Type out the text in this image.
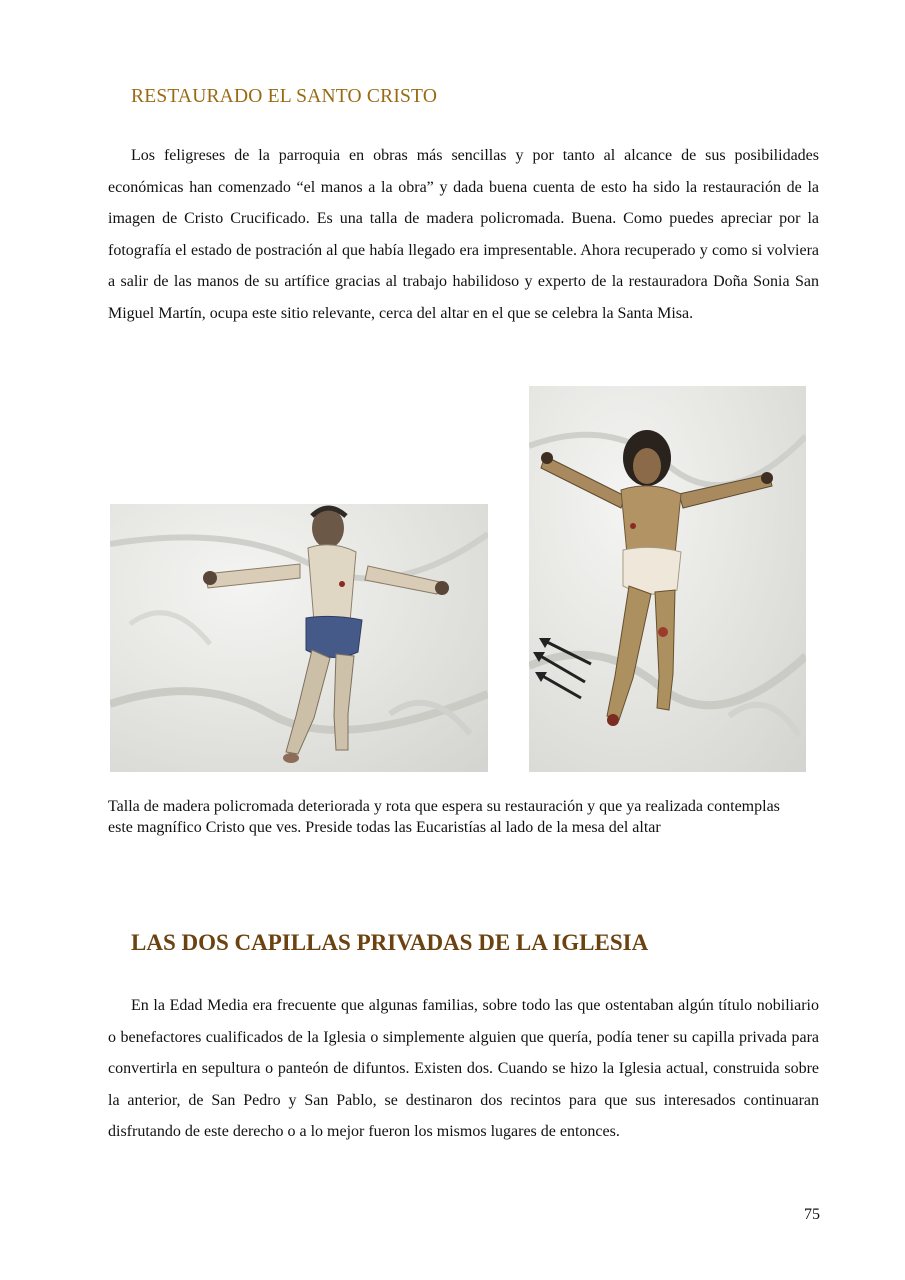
RESTAURADO EL SANTO CRISTO

Los feligreses de la parroquia en obras más sencillas y por tanto al alcance de sus posibilidades económicas han comenzado “el manos a la obra” y dada buena cuenta de esto ha sido la restauración de la imagen de Cristo Crucificado. Es una talla de madera policromada. Buena. Como puedes apreciar por la fotografía el estado de postración al que había llegado era impresentable. Ahora recuperado y como si volviera a salir de las manos de su artífice gracias al trabajo habilidoso y experto de la restauradora Doña Sonia San Miguel Martín, ocupa este sitio relevante, cerca del altar en el que se celebra la Santa Misa.

Talla de madera policromada deteriorada y rota que espera su restauración y que ya realizada contemplas este magnífico Cristo que ves. Preside todas las Eucaristías al lado de la mesa del altar

LAS DOS CAPILLAS PRIVADAS DE LA IGLESIA

En la Edad Media era frecuente que algunas familias, sobre todo las que ostentaban algún título nobiliario o benefactores cualificados de la Iglesia o simplemente alguien que quería, podía tener su capilla privada para convertirla en sepultura o panteón de difuntos. Existen dos. Cuando se hizo la Iglesia actual, construida sobre la anterior, de San Pedro y San Pablo, se destinaron dos recintos para que sus interesados continuaran disfrutando de este derecho o a lo mejor fueron los mismos lugares de entonces.

75
